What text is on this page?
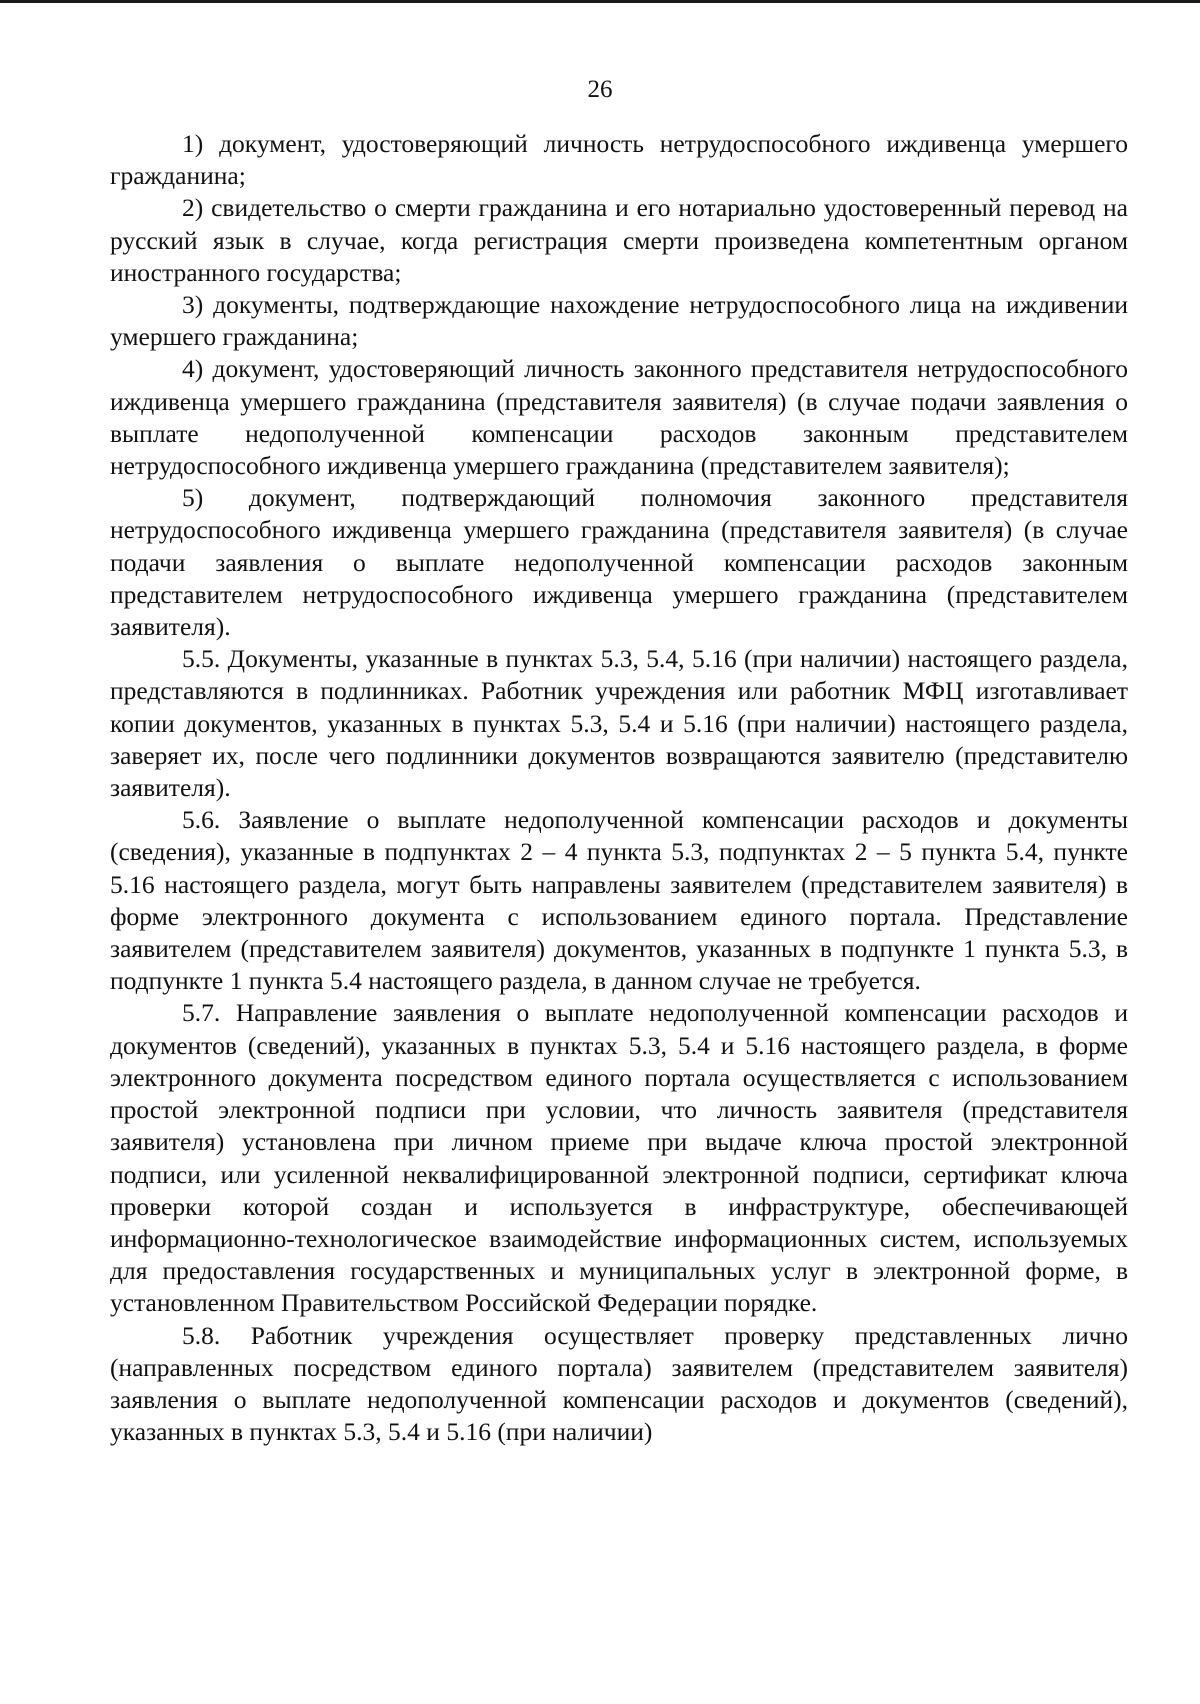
26

1) документ, удостоверяющий личность нетрудоспособного иждивенца умершего гражданина;

2) свидетельство о смерти гражданина и его нотариально удостоверенный перевод на русский язык в случае, когда регистрация смерти произведена компетентным органом иностранного государства;

3) документы, подтверждающие нахождение нетрудоспособного лица на иждивении умершего гражданина;

4) документ, удостоверяющий личность законного представителя нетрудоспособного иждивенца умершего гражданина (представителя заявителя) (в случае подачи заявления о выплате недополученной компенсации расходов законным представителем нетрудоспособного иждивенца умершего гражданина (представителем заявителя);

5) документ, подтверждающий полномочия законного представителя нетрудоспособного иждивенца умершего гражданина (представителя заявителя) (в случае подачи заявления о выплате недополученной компенсации расходов законным представителем нетрудоспособного иждивенца умершего гражданина (представителем заявителя).

5.5. Документы, указанные в пунктах 5.3, 5.4, 5.16 (при наличии) настоящего раздела, представляются в подлинниках. Работник учреждения или работник МФЦ изготавливает копии документов, указанных в пунктах 5.3, 5.4 и 5.16 (при наличии) настоящего раздела, заверяет их, после чего подлинники документов возвращаются заявителю (представителю заявителя).

5.6. Заявление о выплате недополученной компенсации расходов и документы (сведения), указанные в подпунктах 2 – 4 пункта 5.3, подпунктах 2 – 5 пункта 5.4, пункте 5.16 настоящего раздела, могут быть направлены заявителем (представителем заявителя) в форме электронного документа с использованием единого портала. Представление заявителем (представителем заявителя) документов, указанных в подпункте 1 пункта 5.3, в подпункте 1 пункта 5.4 настоящего раздела, в данном случае не требуется.

5.7. Направление заявления о выплате недополученной компенсации расходов и документов (сведений), указанных в пунктах 5.3, 5.4 и 5.16 настоящего раздела, в форме электронного документа посредством единого портала осуществляется с использованием простой электронной подписи при условии, что личность заявителя (представителя заявителя) установлена при личном приеме при выдаче ключа простой электронной подписи, или усиленной неквалифицированной электронной подписи, сертификат ключа проверки которой создан и используется в инфраструктуре, обеспечивающей информационно-технологическое взаимодействие информационных систем, используемых для предоставления государственных и муниципальных услуг в электронной форме, в установленном Правительством Российской Федерации порядке.

5.8. Работник учреждения осуществляет проверку представленных лично (направленных посредством единого портала) заявителем (представителем заявителя) заявления о выплате недополученной компенсации расходов и документов (сведений), указанных в пунктах 5.3, 5.4 и 5.16 (при наличии)
